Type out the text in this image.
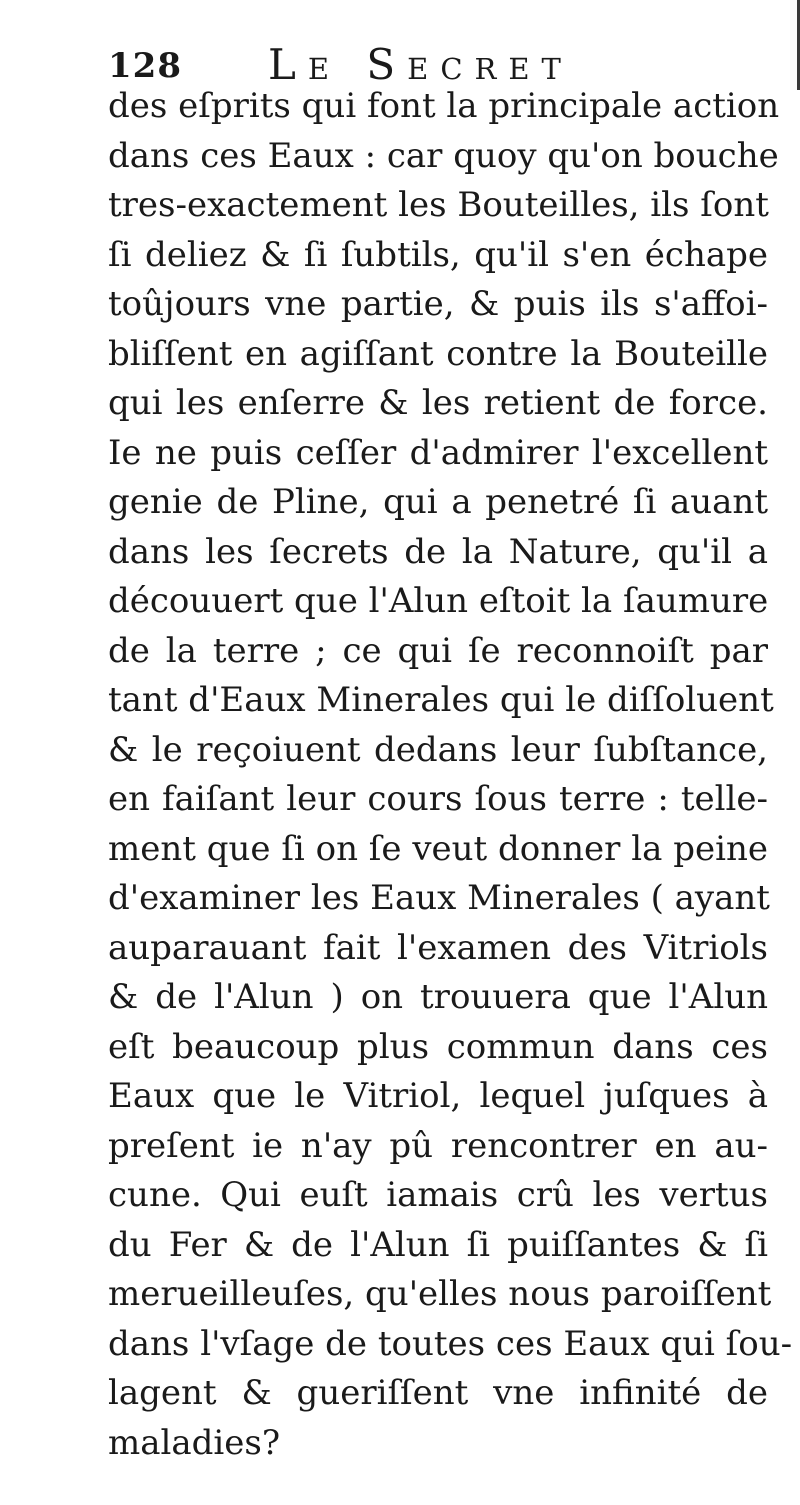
128 Le Secret
des eſprits qui font la principale action
dans ces Eaux : car quoy qu'on bouche
tres-exactement les Bouteilles, ils ſont
ſi deliez & ſi ſubtils, qu'il s'en échape
toûjours vne partie, & puis ils s'affoi-
bliſſent en agiſſant contre la Bouteille
qui les enſerre & les retient de force.
Ie ne puis ceſſer d'admirer l'excellent
genie de Pline, qui a penetré ſi auant
dans les ſecrets de la Nature, qu'il a
découuert que l'Alun eſtoit la ſaumure
de la terre ; ce qui ſe reconnoiſt par
tant d'Eaux Minerales qui le diſſoluent
& le reçoiuent dedans leur ſubſtance,
en faiſant leur cours ſous terre : telle-
ment que ſi on ſe veut donner la peine
d'examiner les Eaux Minerales ( ayant
auparauant fait l'examen des Vitriols
& de l'Alun ) on trouuera que l'Alun
eſt beaucoup plus commun dans ces
Eaux que le Vitriol, lequel juſques à
preſent ie n'ay pû rencontrer en au-
cune. Qui euſt iamais crû les vertus
du Fer & de l'Alun ſi puiſſantes & ſi
merueilleuſes, qu'elles nous paroiſſent
dans l'vſage de toutes ces Eaux qui ſou-
lagent & gueriſſent vne infinité de
maladies?
